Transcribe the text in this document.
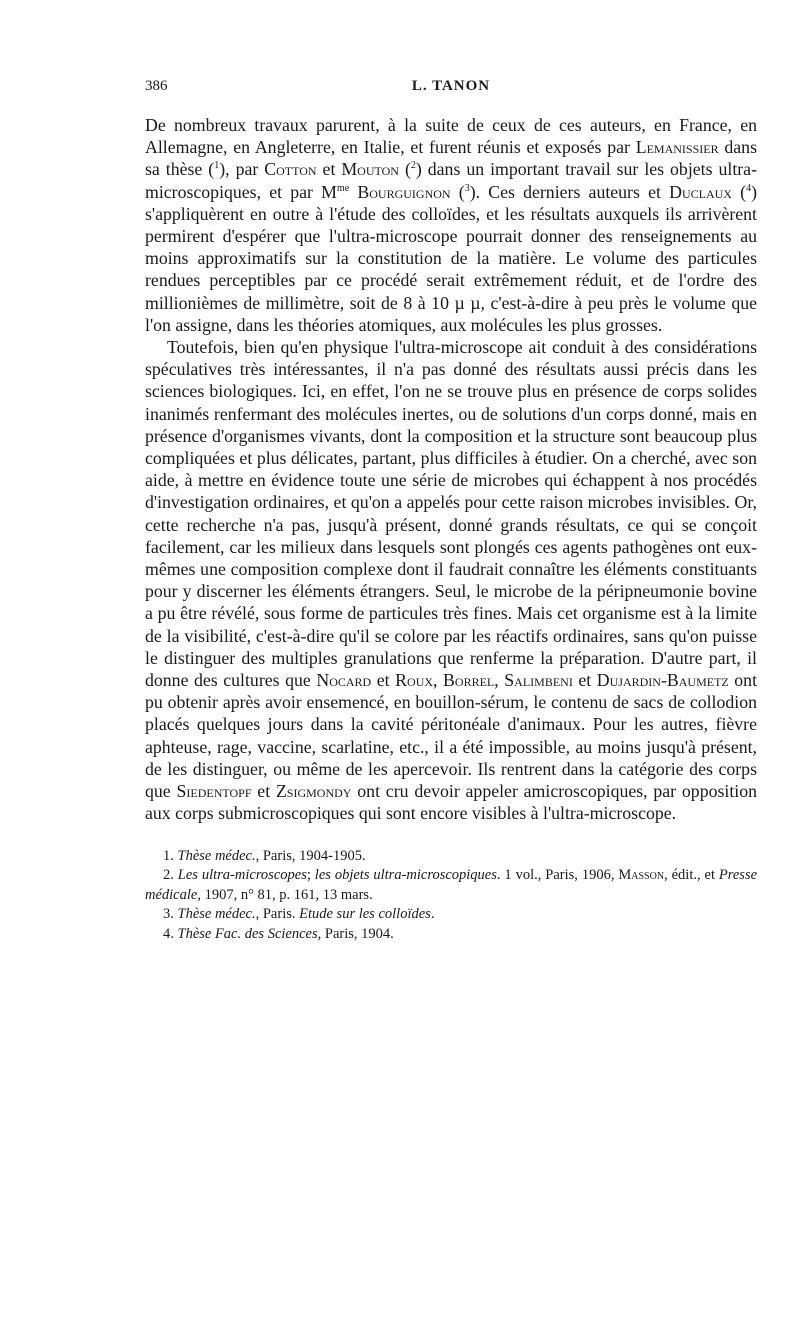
386	L. TANON

De nombreux travaux parurent, à la suite de ceux de ces auteurs, en France, en Allemagne, en Angleterre, en Italie, et furent réunis et exposés par Lemanissier dans sa thèse ($^1$), par Cotton et Mouton ($^2$) dans un important travail sur les objets ultra-microscopiques, et par $M^{me}$ Bourguignon ($^3$). Ces derniers auteurs et Duclaux ($^4$) s'appliquèrent en outre à l'étude des colloïdes, et les résultats auxquels ils arrivèrent permirent d'espérer que l'ultra-microscope pourrait donner des renseignements au moins approximatifs sur la constitution de la matière. Le volume des particules rendues perceptibles par ce procédé serait extrêmement réduit, et de l'ordre des millionièmes de millimètre, soit de 8 à 10 µ µ, c'est-à-dire à peu près le volume que l'on assigne, dans les théories atomiques, aux molécules les plus grosses.

Toutefois, bien qu'en physique l'ultra-microscope ait conduit à des considérations spéculatives très intéressantes, il n'a pas donné des résultats aussi précis dans les sciences biologiques. Ici, en effet, l'on ne se trouve plus en présence de corps solides inanimés renfermant des molécules inertes, ou de solutions d'un corps donné, mais en présence d'organismes vivants, dont la composition et la structure sont beaucoup plus compliquées et plus délicates, partant, plus difficiles à étudier. On a cherché, avec son aide, à mettre en évidence toute une série de microbes qui échappent à nos procédés d'investigation ordinaires, et qu'on a appelés pour cette raison microbes invisibles. Or, cette recherche n'a pas, jusqu'à présent, donné grands résultats, ce qui se conçoit facilement, car les milieux dans lesquels sont plongés ces agents pathogènes ont eux-mêmes une composition complexe dont il faudrait connaître les éléments constituants pour y discerner les éléments étrangers. Seul, le microbe de la péripneumonie bovine a pu être révélé, sous forme de particules très fines. Mais cet organisme est à la limite de la visibilité, c'est-à-dire qu'il se colore par les réactifs ordinaires, sans qu'on puisse le distinguer des multiples granulations que renferme la préparation. D'autre part, il donne des cultures que Nocard et Roux, Borrel, Salimbeni et Dujardin-Baumetz ont pu obtenir après avoir ensemencé, en bouillon-sérum, le contenu de sacs de collodion placés quelques jours dans la cavité péritonéale d'animaux. Pour les autres, fièvre aphteuse, rage, vaccine, scarlatine, etc., il a été impossible, au moins jusqu'à présent, de les distinguer, ou même de les apercevoir. Ils rentrent dans la catégorie des corps que Siedentopf et Zsigmondy ont cru devoir appeler amicroscopiques, par opposition aux corps submicroscopiques qui sont encore visibles à l'ultra-microscope.

1. Thèse médec., Paris, 1904-1905.

2. Les ultra-microscopes; les objets ultra-microscopiques. 1 vol., Paris, 1906, Masson, édit., et Presse médicale, 1907, n° 81, p. 161, 13 mars.

3. Thèse médec., Paris. Etude sur les colloïdes.

4. Thèse Fac. des Sciences, Paris, 1904.
